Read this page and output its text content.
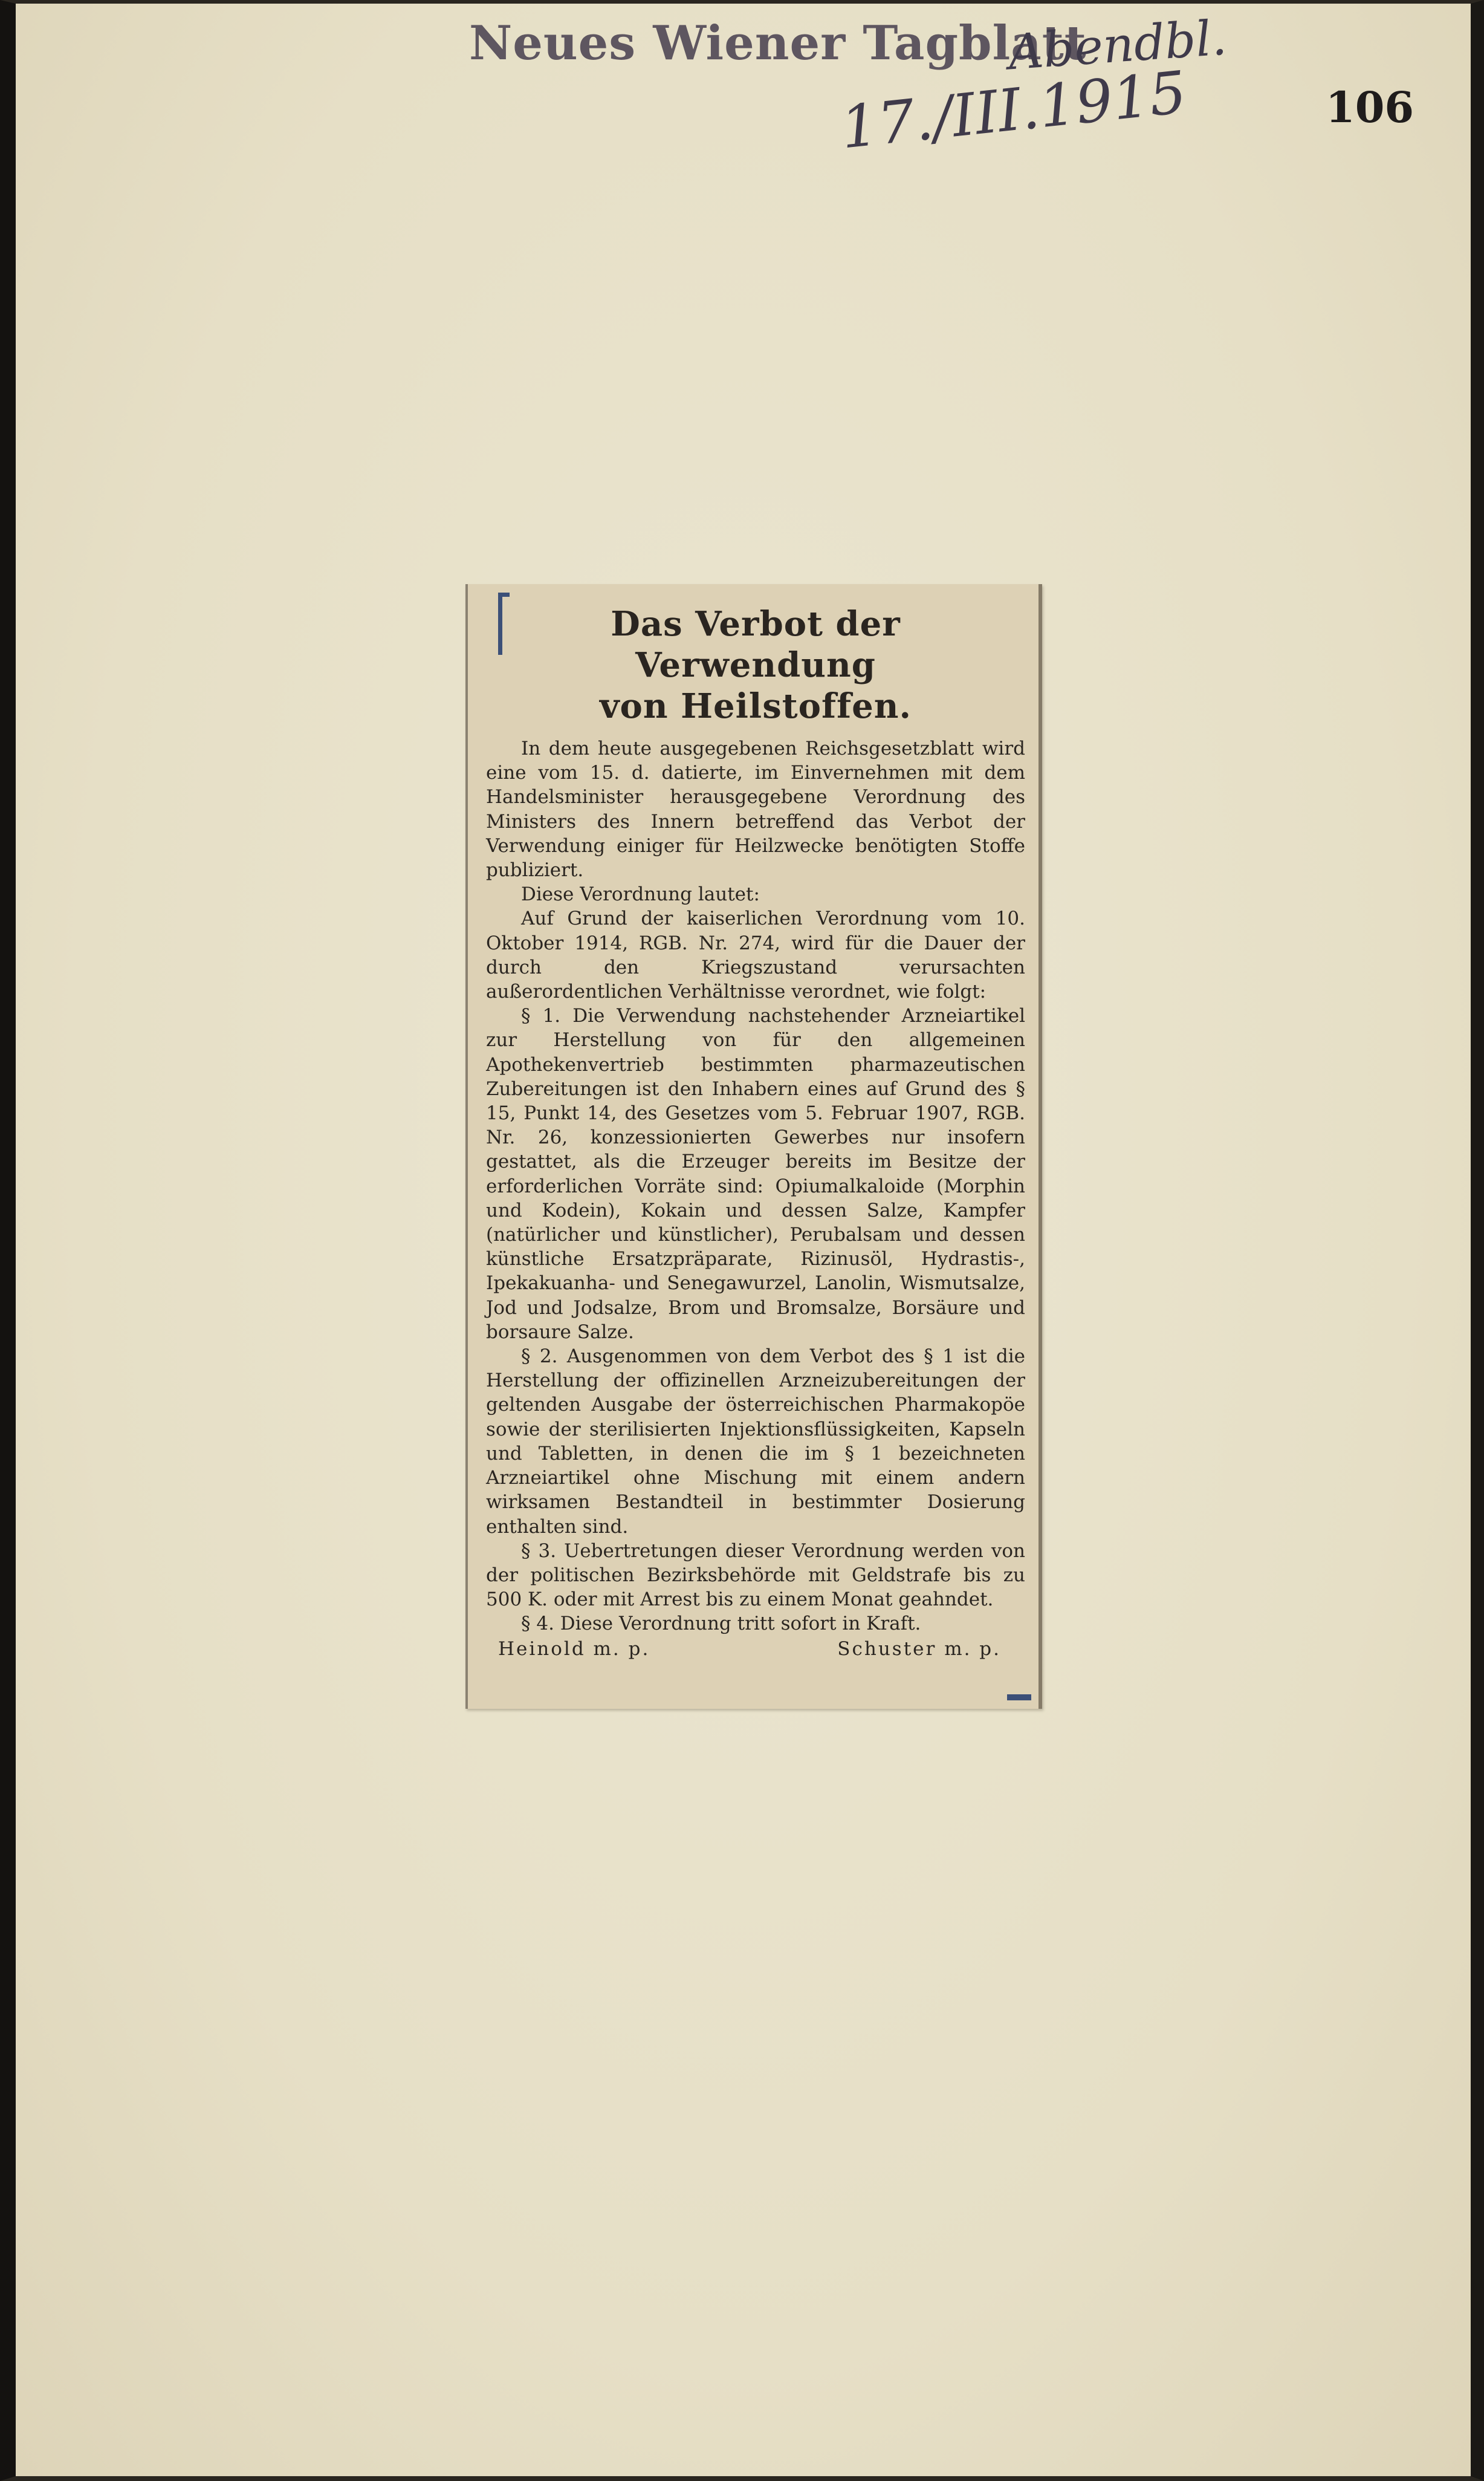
Neues Wiener Tagblatt
Abendbl.
17./III.1915	106
Das Verbot der Verwendung
von Heilstoffen.

In dem heute ausgegebenen Reichsgesetzblatt wird eine vom 15. d. datierte, im Einvernehmen mit dem Handelsminister herausgegebene Verordnung des Ministers des Innern betreffend das Verbot der Verwendung einiger für Heilzwecke benötigten Stoffe publiziert.

Diese Verordnung lautet:

Auf Grund der kaiserlichen Verordnung vom 10. Oktober 1914, RGB. Nr. 274, wird für die Dauer der durch den Kriegszustand verursachten außerordentlichen Verhältnisse verordnet, wie folgt:

§ 1. Die Verwendung nachstehender Arzneiartikel zur Herstellung von für den allgemeinen Apothekenvertrieb bestimmten pharmazeutischen Zubereitungen ist den Inhabern eines auf Grund des § 15, Punkt 14, des Gesetzes vom 5. Februar 1907, RGB. Nr. 26, konzessionierten Gewerbes nur insofern gestattet, als die Erzeuger bereits im Besitze der erforderlichen Vorräte sind: Opiumalkaloide (Morphin und Kodein), Kokain und dessen Salze, Kampfer (natürlicher und künstlicher), Perubalsam und dessen künstliche Ersatzpräparate, Rizinusöl, Hydrastis-, Ipekakuanha- und Senegawurzel, Lanolin, Wismutsalze, Jod und Jodsalze, Brom und Bromsalze, Borsäure und borsaure Salze.

§ 2. Ausgenommen von dem Verbot des § 1 ist die Herstellung der offizinellen Arzneizubereitungen der geltenden Ausgabe der österreichischen Pharmakopöe sowie der sterilisierten Injektionsflüssigkeiten, Kapseln und Tabletten, in denen die im § 1 bezeichneten Arzneiartikel ohne Mischung mit einem andern wirksamen Bestandteil in bestimmter Dosierung enthalten sind.

§ 3. Uebertretungen dieser Verordnung werden von der politischen Bezirksbehörde mit Geldstrafe bis zu 500 K. oder mit Arrest bis zu einem Monat geahndet.

§ 4. Diese Verordnung tritt sofort in Kraft.

Heinold m. p.	Schuster m. p.
